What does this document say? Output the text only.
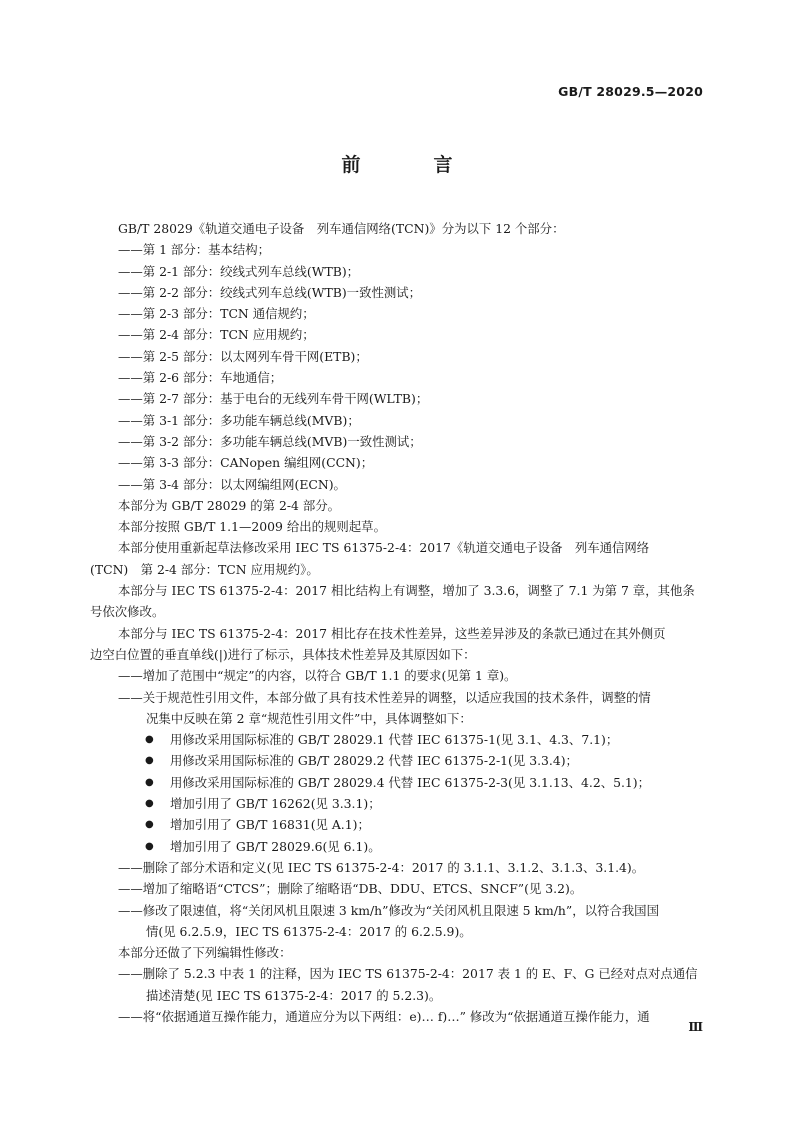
GB/T 28029.5—2020
前　言
GB/T 28029《轨道交通电子设备　列车通信网络(TCN)》分为以下 12 个部分：
——第 1 部分：基本结构；
——第 2-1 部分：绞线式列车总线(WTB)；
——第 2-2 部分：绞线式列车总线(WTB)一致性测试；
——第 2-3 部分：TCN 通信规约；
——第 2-4 部分：TCN 应用规约；
——第 2-5 部分：以太网列车骨干网(ETB)；
——第 2-6 部分：车地通信；
——第 2-7 部分：基于电台的无线列车骨干网(WLTB)；
——第 3-1 部分：多功能车辆总线(MVB)；
——第 3-2 部分：多功能车辆总线(MVB)一致性测试；
——第 3-3 部分：CANopen 编组网(CCN)；
——第 3-4 部分：以太网编组网(ECN)。
本部分为 GB/T 28029 的第 2-4 部分。
本部分按照 GB/T 1.1—2009 给出的规则起草。
本部分使用重新起草法修改采用 IEC TS 61375-2-4：2017《轨道交通电子设备　列车通信网络
(TCN)　第 2-4 部分：TCN 应用规约》。
本部分与 IEC TS 61375-2-4：2017 相比结构上有调整，增加了 3.3.6，调整了 7.1 为第 7 章，其他条
号依次修改。
本部分与 IEC TS 61375-2-4：2017 相比存在技术性差异，这些差异涉及的条款已通过在其外侧页
边空白位置的垂直单线(|)进行了标示，具体技术性差异及其原因如下：
——增加了范围中“规定”的内容，以符合 GB/T 1.1 的要求(见第 1 章)。
——关于规范性引用文件，本部分做了具有技术性差异的调整，以适应我国的技术条件，调整的情
况集中反映在第 2 章“规范性引用文件”中，具体调整如下：
● 用修改采用国际标准的 GB/T 28029.1 代替 IEC 61375-1(见 3.1、4.3、7.1)；
● 用修改采用国际标准的 GB/T 28029.2 代替 IEC 61375-2-1(见 3.3.4)；
● 用修改采用国际标准的 GB/T 28029.4 代替 IEC 61375-2-3(见 3.1.13、4.2、5.1)；
● 增加引用了 GB/T 16262(见 3.3.1)；
● 增加引用了 GB/T 16831(见 A.1)；
● 增加引用了 GB/T 28029.6(见 6.1)。
——删除了部分术语和定义(见 IEC TS 61375-2-4：2017 的 3.1.1、3.1.2、3.1.3、3.1.4)。
——增加了缩略语“CTCS”；删除了缩略语“DB、DDU、ETCS、SNCF”(见 3.2)。
——修改了限速值，将“关闭风机且限速 3 km/h”修改为“关闭风机且限速 5 km/h”，以符合我国国
情(见 6.2.5.9，IEC TS 61375-2-4：2017 的 6.2.5.9)。
本部分还做了下列编辑性修改：
——删除了 5.2.3 中表 1 的注释，因为 IEC TS 61375-2-4：2017 表 1 的 E、F、G 已经对点对点通信
描述清楚(见 IEC TS 61375-2-4：2017 的 5.2.3)。
——将“依据通道互操作能力，通道应分为以下两组：e)… f)…” 修改为“依据通道互操作能力，通
Ⅲ
